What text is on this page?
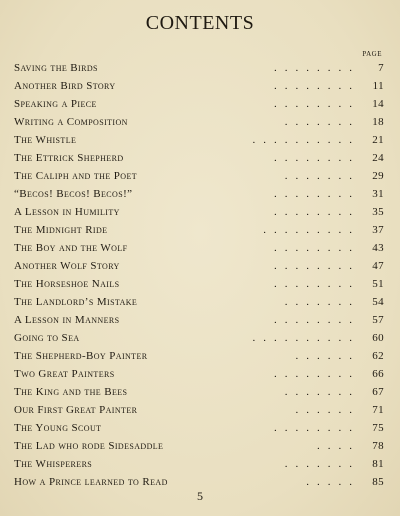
CONTENTS
PAGE
........
Saving the Birds	7
........
Another Bird Story	11
........
Speaking a Piece	14
.......
Writing a Composition	18
..........
The Whistle	21
........
The Ettrick Shepherd	24
.......
The Caliph and the Poet	29
........
“Becos! Becos! Becos!”	31
........
A Lesson in Humility	35
.........
The Midnight Ride	37
........
The Boy and the Wolf	43
........
Another Wolf Story	47
........
The Horseshoe Nails	51
.......
The Landlord’s Mistake	54
........
A Lesson in Manners	57
..........
Going to Sea	60
......
The Shepherd-Boy Painter	62
........
Two Great Painters	66
.......
The King and the Bees	67
......
Our First Great Painter	71
........
The Young Scout	75
....
The Lad who rode Sidesaddle	78
.......
The Whisperers	81
.....
How a Prince learned to Read	85
5
